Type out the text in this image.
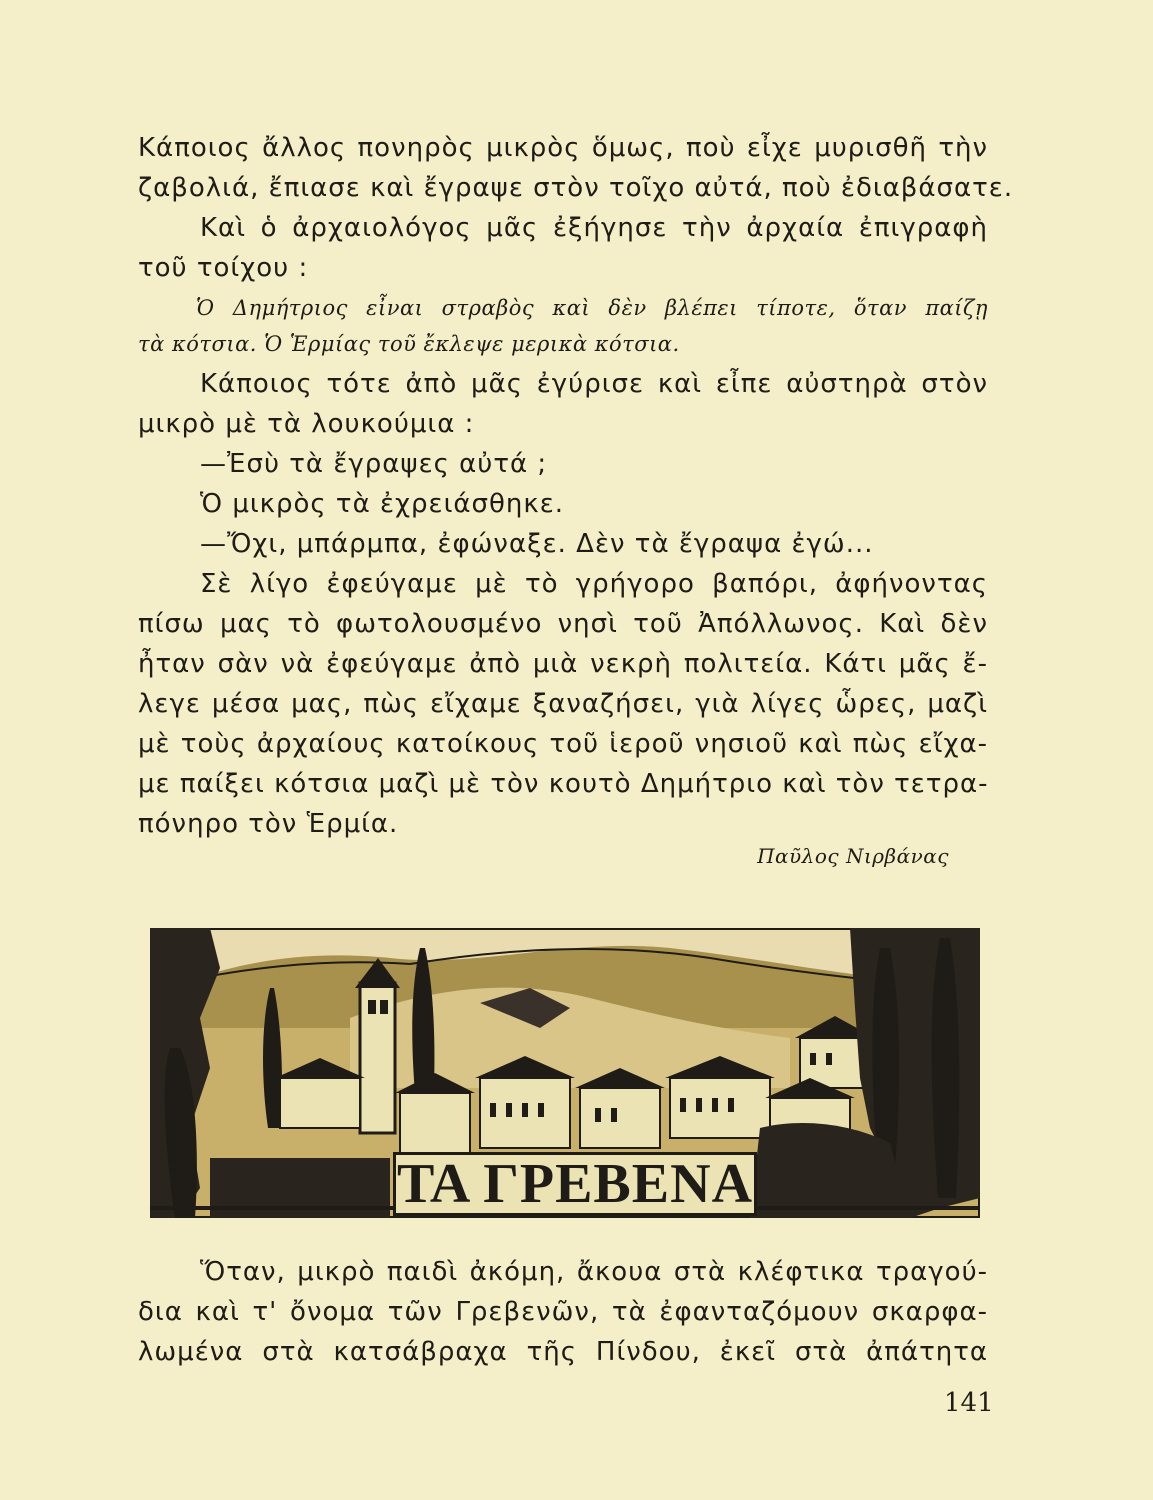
Κάποιος ἄλλος πονηρὸς μικρὸς ὅμως, ποὺ εἶχε μυρισθῆ τὴν
ζαβολιά, ἔπιασε καὶ ἔγραψε στὸν τοῖχο αὐτά, ποὺ ἐδιαβάσατε.
Καὶ ὁ ἀρχαιολόγος μᾶς ἐξήγησε τὴν ἀρχαία ἐπιγραφὴ
τοῦ τοίχου :
Ὁ Δημήτριος εἶναι στραβὸς καὶ δὲν βλέπει τίποτε, ὅταν παίζῃ
τὰ κότσια. Ὁ Ἑρμίας τοῦ ἔκλεψε μερικὰ κότσια.
Κάποιος τότε ἀπὸ μᾶς ἐγύρισε καὶ εἶπε αὐστηρὰ στὸν
μικρὸ μὲ τὰ λουκούμια :
—Ἐσὺ τὰ ἔγραψες αὐτά ;
Ὁ μικρὸς τὰ ἐχρειάσθηκε.
—Ὄχι, μπάρμπα, ἐφώναξε. Δὲν τὰ ἔγραψα ἐγώ...
Σὲ λίγο ἐφεύγαμε μὲ τὸ γρήγορο βαπόρι, ἀφήνοντας
πίσω μας τὸ φωτολουσμένο νησὶ τοῦ Ἀπόλλωνος. Καὶ δὲν
ἦταν σὰν νὰ ἐφεύγαμε ἀπὸ μιὰ νεκρὴ πολιτεία. Κάτι μᾶς ἔ-
λεγε μέσα μας, πὼς εἴχαμε ξαναζήσει, γιὰ λίγες ὧρες, μαζὶ
μὲ τοὺς ἀρχαίους κατοίκους τοῦ ἱεροῦ νησιοῦ καὶ πὼς εἴχα-
με παίξει κότσια μαζὶ μὲ τὸν κουτὸ Δημήτριο καὶ τὸν τετρα-
πόνηρο τὸν Ἑρμία.
Παῦλος Νιρβάνας
ΤΑ ΓΡΕΒΕΝΑ
Ὅταν, μικρὸ παιδὶ ἀκόμη, ἄκουα στὰ κλέφτικα τραγού-
δια καὶ τ' ὄνομα τῶν Γρεβενῶν, τὰ ἐφανταζόμουν σκαρφα-
λωμένα στὰ κατσάβραχα τῆς Πίνδου, ἐκεῖ στὰ ἀπάτητα
141
